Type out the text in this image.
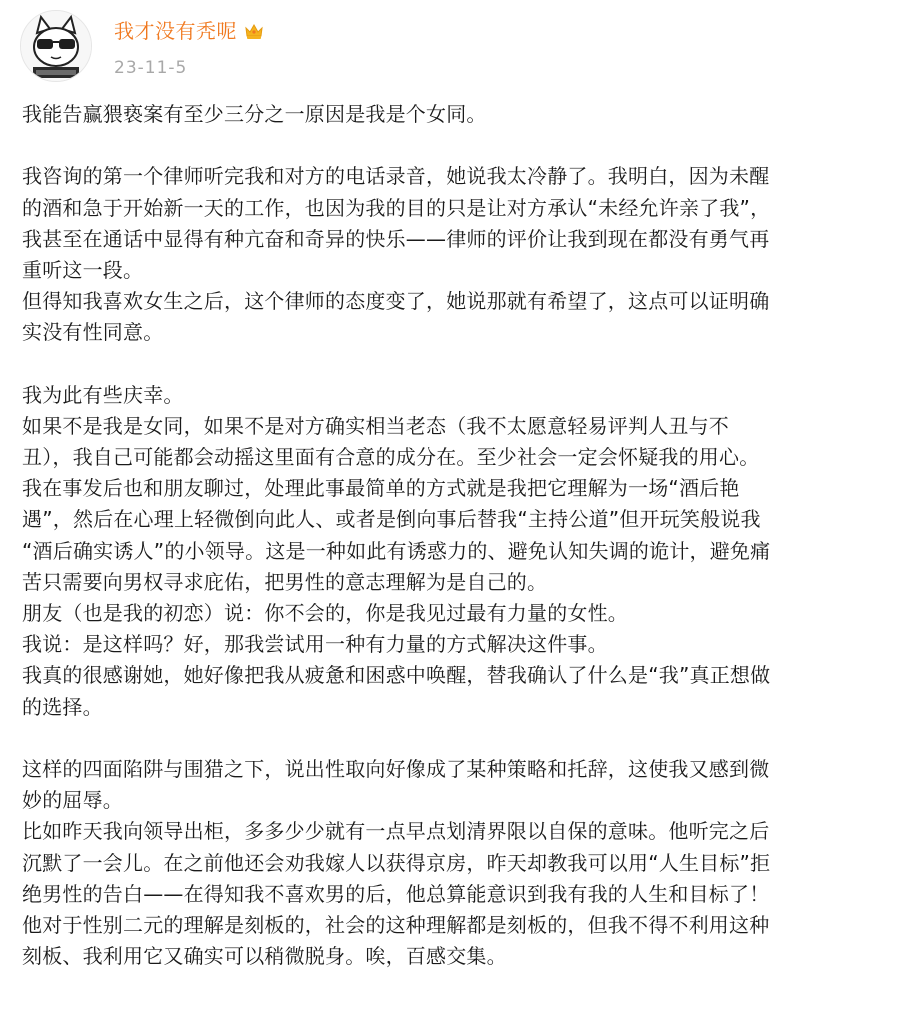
我才没有秃呢
23-11-5

我能告赢猥亵案有至少三分之一原因是我是个女同。

我咨询的第一个律师听完我和对方的电话录音，她说我太冷静了。我明白，因为未醒
的酒和急于开始新一天的工作，也因为我的目的只是让对方承认“未经允许亲了我”，
我甚至在通话中显得有种亢奋和奇异的快乐——律师的评价让我到现在都没有勇气再
重听这一段。
但得知我喜欢女生之后，这个律师的态度变了，她说那就有希望了，这点可以证明确
实没有性同意。

我为此有些庆幸。
如果不是我是女同，如果不是对方确实相当老态（我不太愿意轻易评判人丑与不
丑），我自己可能都会动摇这里面有合意的成分在。至少社会一定会怀疑我的用心。
我在事发后也和朋友聊过，处理此事最简单的方式就是我把它理解为一场“酒后艳
遇”，然后在心理上轻微倒向此人、或者是倒向事后替我“主持公道”但开玩笑般说我
“酒后确实诱人”的小领导。这是一种如此有诱惑力的、避免认知失调的诡计，避免痛
苦只需要向男权寻求庇佑，把男性的意志理解为是自己的。
朋友（也是我的初恋）说：你不会的，你是我见过最有力量的女性。
我说：是这样吗？好，那我尝试用一种有力量的方式解决这件事。
我真的很感谢她，她好像把我从疲惫和困惑中唤醒，替我确认了什么是“我”真正想做
的选择。

这样的四面陷阱与围猎之下，说出性取向好像成了某种策略和托辞，这使我又感到微
妙的屈辱。
比如昨天我向领导出柜，多多少少就有一点早点划清界限以自保的意味。他听完之后
沉默了一会儿。在之前他还会劝我嫁人以获得京房，昨天却教我可以用“人生目标”拒
绝男性的告白——在得知我不喜欢男的后，他总算能意识到我有我的人生和目标了！
他对于性别二元的理解是刻板的，社会的这种理解都是刻板的，但我不得不利用这种
刻板、我利用它又确实可以稍微脱身。唉，百感交集。
